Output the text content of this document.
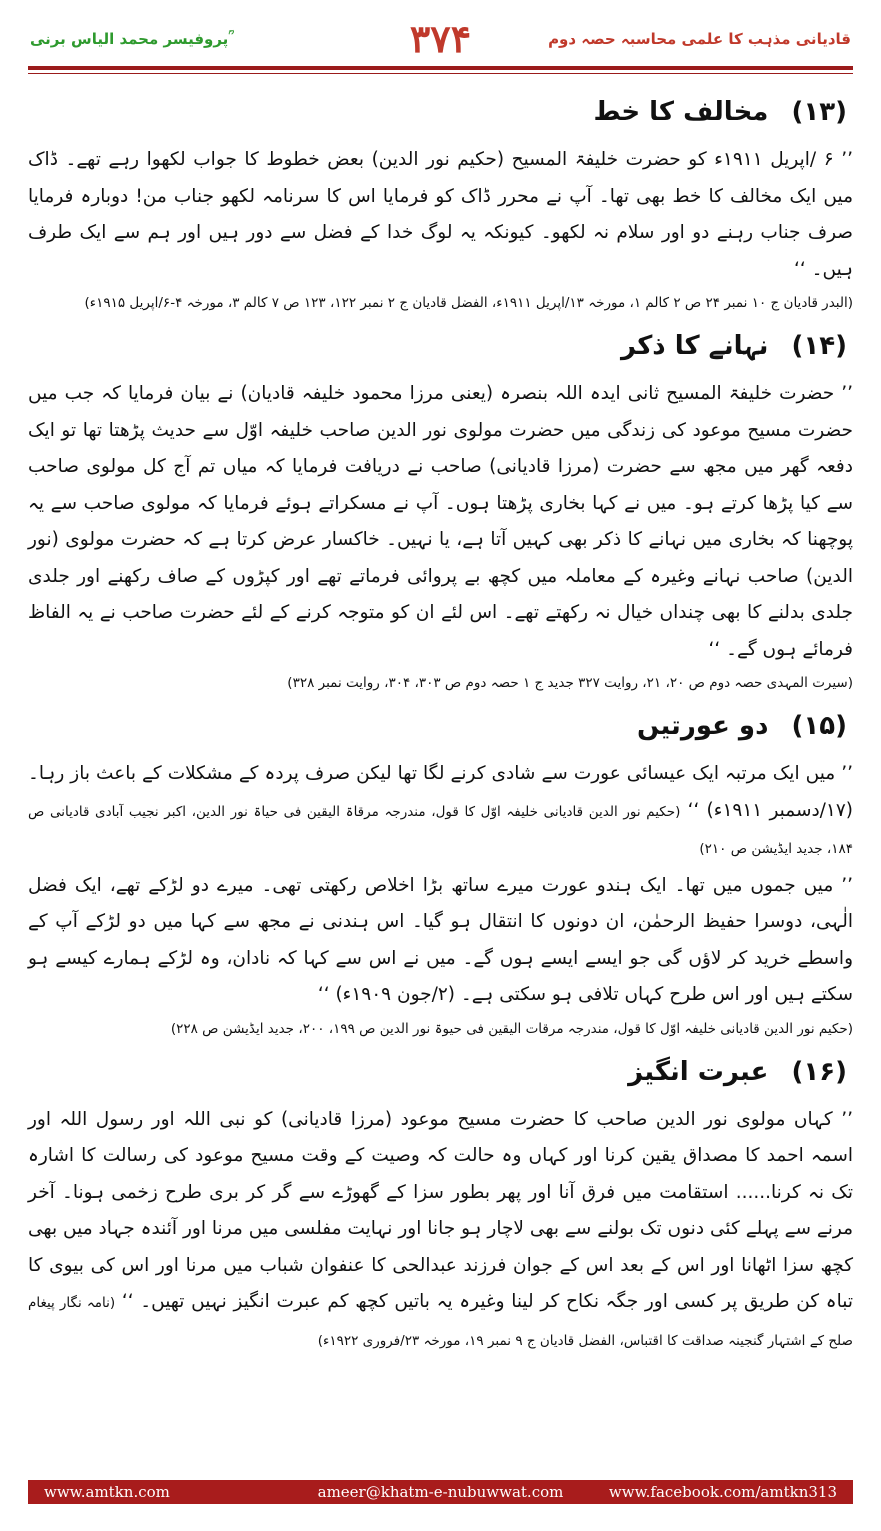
پروفیسر محمد الیاس برنی ؒ	۳۷۴	قادیانی مذہب کا علمی محاسبہ حصہ دوم
(۱۳) مخالف کا خط

’’ ۶ /اپریل ۱۹۱۱ء کو حضرت خلیفۃ المسیح (حکیم نور الدین) بعض خطوط کا جواب لکھوا رہے تھے۔ ڈاک میں ایک مخالف کا خط بھی تھا۔ آپ نے محرر ڈاک کو فرمایا اس کا سرنامہ لکھو جناب من! دوبارہ فرمایا صرف جناب رہنے دو اور سلام نہ لکھو۔ کیونکہ یہ لوگ خدا کے فضل سے دور ہیں اور ہم سے ایک طرف ہیں۔ ‘‘

(البدر قادیان ج ۱۰ نمبر ۲۴ ص ۲ کالم ۱، مورخہ ۱۳/اپریل ۱۹۱۱ء، الفضل قادیان ج ۲ نمبر ۱۲۲، ۱۲۳ ص ۷ کالم ۳، مورخہ ۴-۶/اپریل ۱۹۱۵ء)

(۱۴) نہانے کا ذکر

’’ حضرت خلیفۃ المسیح ثانی ایدہ اللہ بنصرہ (یعنی مرزا محمود خلیفہ قادیان) نے بیان فرمایا کہ جب میں حضرت مسیح موعود کی زندگی میں حضرت مولوی نور الدین صاحب خلیفہ اوّل سے حدیث پڑھتا تھا تو ایک دفعہ گھر میں مجھ سے حضرت (مرزا قادیانی) صاحب نے دریافت فرمایا کہ میاں تم آج کل مولوی صاحب سے کیا پڑھا کرتے ہو۔ میں نے کہا بخاری پڑھتا ہوں۔ آپ نے مسکراتے ہوئے فرمایا کہ مولوی صاحب سے یہ پوچھنا کہ بخاری میں نہانے کا ذکر بھی کہیں آتا ہے، یا نہیں۔ خاکسار عرض کرتا ہے کہ حضرت مولوی (نور الدین) صاحب نہانے وغیرہ کے معاملہ میں کچھ بے پروائی فرماتے تھے اور کپڑوں کے صاف رکھنے اور جلدی جلدی بدلنے کا بھی چنداں خیال نہ رکھتے تھے۔ اس لئے ان کو متوجہ کرنے کے لئے حضرت صاحب نے یہ الفاظ فرمائے ہوں گے۔ ‘‘

(سیرت المہدی حصہ دوم ص ۲۰، ۲۱، روایت ۳۲۷ جدید ج ۱ حصہ دوم ص ۳۰۳، ۳۰۴، روایت نمبر ۳۲۸)

(۱۵) دو عورتیں

’’ میں ایک مرتبہ ایک عیسائی عورت سے شادی کرنے لگا تھا لیکن صرف پردہ کے مشکلات کے باعث باز رہا۔ (۱۷/دسمبر ۱۹۱۱ء) ‘‘ (حکیم نور الدین قادیانی خلیفہ اوّل کا قول، مندرجہ مرقاۃ الیقین فی حیاۃ نور الدین، اکبر نجیب آبادی قادیانی ص ۱۸۴، جدید ایڈیشن ص ۲۱۰)

’’ میں جموں میں تھا۔ ایک ہندو عورت میرے ساتھ بڑا اخلاص رکھتی تھی۔ میرے دو لڑکے تھے، ایک فضل الٰہی، دوسرا حفیظ الرحمٰن، ان دونوں کا انتقال ہو گیا۔ اس ہندنی نے مجھ سے کہا میں دو لڑکے آپ کے واسطے خرید کر لاؤں گی جو ایسے ایسے ہوں گے۔ میں نے اس سے کہا کہ نادان، وہ لڑکے ہمارے کیسے ہو سکتے ہیں اور اس طرح کہاں تلافی ہو سکتی ہے۔ (۲/جون ۱۹۰۹ء) ‘‘

(حکیم نور الدین قادیانی خلیفہ اوّل کا قول، مندرجہ مرقات الیقین فی حیوۃ نور الدین ص ۱۹۹، ۲۰۰، جدید ایڈیشن ص ۲۲۸)

(۱۶) عبرت انگیز

’’ کہاں مولوی نور الدین صاحب کا حضرت مسیح موعود (مرزا قادیانی) کو نبی اللہ اور رسول اللہ اور اسمہ احمد کا مصداق یقین کرنا اور کہاں وہ حالت کہ وصیت کے وقت مسیح موعود کی رسالت کا اشارہ تک نہ کرنا...... استقامت میں فرق آنا اور پھر بطور سزا کے گھوڑے سے گر کر بری طرح زخمی ہونا۔ آخر مرنے سے پہلے کئی دنوں تک بولنے سے بھی لاچار ہو جانا اور نہایت مفلسی میں مرنا اور آئندہ جہاد میں بھی کچھ سزا اٹھانا اور اس کے بعد اس کے جوان فرزند عبدالحی کا عنفوان شباب میں مرنا اور اس کی بیوی کا تباہ کن طریق پر کسی اور جگہ نکاح کر لینا وغیرہ یہ باتیں کچھ کم عبرت انگیز نہیں تھیں۔ ‘‘ (نامہ نگار پیغام صلح کے اشتہار گنجینہ صداقت کا اقتباس، الفضل قادیان ج ۹ نمبر ۱۹، مورخہ ۲۳/فروری ۱۹۲۲ء)

www.amtkn.com	ameer@khatm-e-nubuwwat.com	www.facebook.com/amtkn313
